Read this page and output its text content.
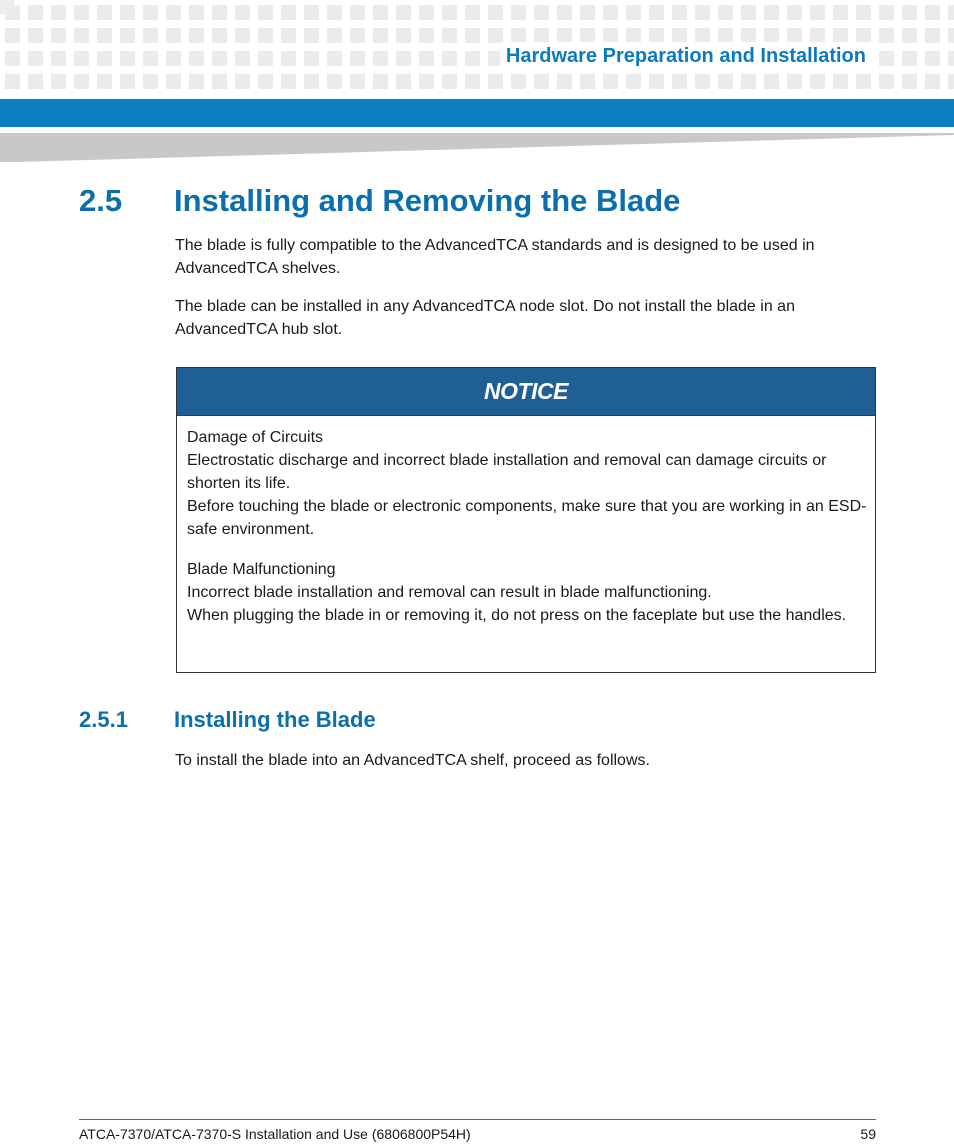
Hardware Preparation and Installation
2.5 Installing and Removing the Blade
The blade is fully compatible to the AdvancedTCA standards and is designed to be used in AdvancedTCA shelves.
The blade can be installed in any AdvancedTCA node slot. Do not install the blade in an AdvancedTCA hub slot.
NOTICE
Damage of Circuits
Electrostatic discharge and incorrect blade installation and removal can damage circuits or shorten its life.
Before touching the blade or electronic components, make sure that you are working in an ESD-safe environment.
Blade Malfunctioning
Incorrect blade installation and removal can result in blade malfunctioning.
When plugging the blade in or removing it, do not press on the faceplate but use the handles.
2.5.1 Installing the Blade
To install the blade into an AdvancedTCA shelf, proceed as follows.
ATCA-7370/ATCA-7370-S Installation and Use (6806800P54H)	59
